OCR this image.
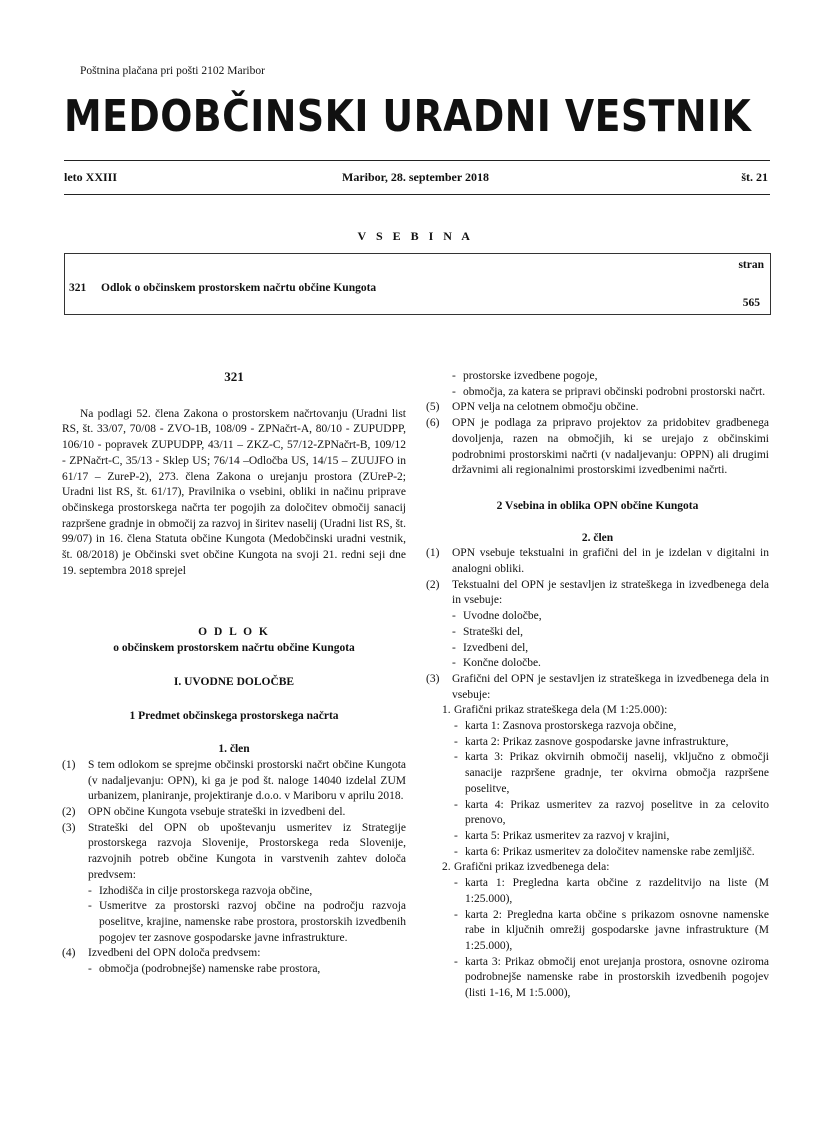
Poštnina plačana pri pošti 2102 Maribor
MEDOBČINSKI URADNI VESTNIK
leto XXIII	Maribor, 28. september 2018	št. 21
V S E B I N A
stran
321 Odlok o občinskem prostorskem načrtu občine Kungota
565

321

Na podlagi 52. člena Zakona o prostorskem načrtovanju (Uradni list RS, št. 33/07, 70/08 - ZVO-1B, 108/09 - ZPNačrt-A, 80/10 - ZUPUDPP, 106/10 - popravek ZUPUDPP, 43/11 – ZKZ-C, 57/12-ZPNačrt-B, 109/12 - ZPNačrt-C, 35/13 - Sklep US; 76/14 –Odločba US, 14/15 – ZUUJFO in 61/17 – ZureP-2), 273. člena Zakona o urejanju prostora (ZUreP-2; Uradni list RS, št. 61/17), Pravilnika o vsebini, obliki in načinu priprave občinskega prostorskega načrta ter pogojih za določitev območij sanacij razpršene gradnje in območij za razvoj in širitev naselij (Uradni list RS, št. 99/07) in 16. člena Statuta občine Kungota (Medobčinski uradni vestnik, št. 08/2018) je Občinski svet občine Kungota na svoji 21. redni seji dne 19. septembra 2018 sprejel

O D L O K

o občinskem prostorskem načrtu občine Kungota

I. UVODNE DOLOČBE

1 Predmet občinskega prostorskega načrta

1. člen

(1) S tem odlokom se sprejme občinski prostorski načrt občine Kungota (v nadaljevanju: OPN), ki ga je pod št. naloge 14040 izdelal ZUM urbanizem, planiranje, projektiranje d.o.o. v Mariboru v aprilu 2018.
(2) OPN občine Kungota vsebuje strateški in izvedbeni del.
(3) Strateški del OPN ob upoštevanju usmeritev iz Strategije prostorskega razvoja Slovenije, Prostorskega reda Slovenije, razvojnih potreb občine Kungota in varstvenih zahtev določa predvsem:
- Izhodišča in cilje prostorskega razvoja občine,
- Usmeritve za prostorski razvoj občine na področju razvoja poselitve, krajine, namenske rabe prostora, prostorskih izvedbenih pogojev ter zasnove gospodarske javne infrastrukture.
(4) Izvedbeni del OPN določa predvsem:
- območja (podrobnejše) namenske rabe prostora,
- prostorske izvedbene pogoje,
- območja, za katera se pripravi občinski podrobni prostorski načrt.
(5) OPN velja na celotnem območju občine.
(6) OPN je podlaga za pripravo projektov za pridobitev gradbenega dovoljenja, razen na območjih, ki se urejajo z občinskimi podrobnimi prostorskimi načrti (v nadaljevanju: OPPN) ali drugimi državnimi ali regionalnimi prostorskimi izvedbenimi načrti.

2 Vsebina in oblika OPN občine Kungota

2. člen

(1) OPN vsebuje tekstualni in grafični del in je izdelan v digitalni in analogni obliki.
(2) Tekstualni del OPN je sestavljen iz strateškega in izvedbenega dela in vsebuje:
- Uvodne določbe,
- Strateški del,
- Izvedbeni del,
- Končne določbe.
(3) Grafični del OPN je sestavljen iz strateškega in izvedbenega dela in vsebuje:
1. Grafični prikaz strateškega dela (M 1:25.000):
- karta 1: Zasnova prostorskega razvoja občine,
- karta 2: Prikaz zasnove gospodarske javne infrastrukture,
- karta 3: Prikaz okvirnih območij naselij, vključno z območji sanacije razpršene gradnje, ter okvirna območja razpršene poselitve,
- karta 4: Prikaz usmeritev za razvoj poselitve in za celovito prenovo,
- karta 5: Prikaz usmeritev za razvoj v krajini,
- karta 6: Prikaz usmeritev za določitev namenske rabe zemljišč.
2. Grafični prikaz izvedbenega dela:
- karta 1: Pregledna karta občine z razdelitvijo na liste (M 1:25.000),
- karta 2: Pregledna karta občine s prikazom osnovne namenske rabe in ključnih omrežij gospodarske javne infrastrukture (M 1:25.000),
- karta 3: Prikaz območij enot urejanja prostora, osnovne oziroma podrobnejše namenske rabe in prostorskih izvedbenih pogojev (listi 1-16, M 1:5.000),
